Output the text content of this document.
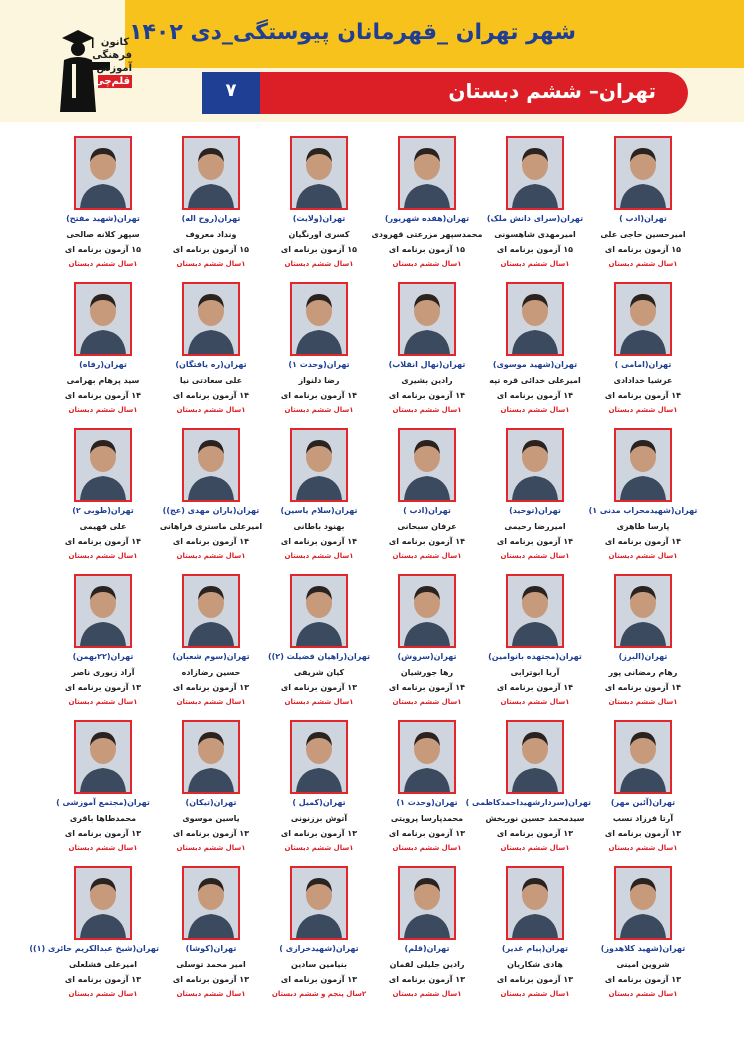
شهر تهران _قهرمانان پیوستگی_دی ۱۴۰۲
۷	تهران– ششم دبستان
کانون
فرهنگی
آموزش
قلم‌چی
تهران(ادب )
امیرحسین حاجی علی
۱۵ آزمون برنامه ای
۱سال ششم دبستان
تهران(سرای دانش ملک)
امیرمهدی شاهسونی
۱۵ آزمون برنامه ای
۱سال ششم دبستان
تهران(هفده شهریور)
محمدسپهر مزرعتی قهرودی
۱۵ آزمون برنامه ای
۱سال ششم دبستان
تهران(ولایت)
کسری اورنگیان
۱۵ آزمون برنامه ای
۱سال ششم دبستان
تهران(روح اله)
ونداد معروف
۱۵ آزمون برنامه ای
۱سال ششم دبستان
تهران(شهید مفتح)
سپهر کلانه صالحی
۱۵ آزمون برنامه ای
۱سال ششم دبستان
تهران(امامی )
عرشیا خدادادی
۱۴ آزمون برنامه ای
۱سال ششم دبستان
تهران(شهید موسوی)
امیرعلی خدائی قره تپه
۱۴ آزمون برنامه ای
۱سال ششم دبستان
تهران(نهال انقلاب)
رادین بشیری
۱۴ آزمون برنامه ای
۱سال ششم دبستان
تهران(وحدت ۱)
رضا دلنواز
۱۴ آزمون برنامه ای
۱سال ششم دبستان
تهران(ره یافتگان)
علی سعادتی نیا
۱۴ آزمون برنامه ای
۱سال ششم دبستان
تهران(رفاه)
سید پرهام بهرامی
۱۴ آزمون برنامه ای
۱سال ششم دبستان
تهران(شهیدمحراب مدنی ۱)
پارسا طاهری
۱۴ آزمون برنامه ای
۱سال ششم دبستان
تهران(توحید)
امیررضا رحیمی
۱۴ آزمون برنامه ای
۱سال ششم دبستان
تهران(ادب )
عرفان سبحانی
۱۴ آزمون برنامه ای
۱سال ششم دبستان
تهران(سلام یاسین)
بهنود باطانی
۱۴ آزمون برنامه ای
۱سال ششم دبستان
تهران(یاران مهدی (عج))
امیرعلی ماستری فراهانی
۱۴ آزمون برنامه ای
۱سال ششم دبستان
تهران(طوبی ۲)
علی فهیمی
۱۴ آزمون برنامه ای
۱سال ششم دبستان
تهران(البرز)
رهام رمضانی پور
۱۴ آزمون برنامه ای
۱سال ششم دبستان
تهران(مجتهده بانوامین)
آریا ابوترابی
۱۴ آزمون برنامه ای
۱سال ششم دبستان
تهران(سروش)
رها جورشیان
۱۴ آزمون برنامه ای
۱سال ششم دبستان
تهران(راهیان فضیلت (۲))
کیان شریفی
۱۳ آزمون برنامه ای
۱سال ششم دبستان
تهران(سوم شعبان)
حسین رضازاده
۱۳ آزمون برنامه ای
۱سال ششم دبستان
تهران(۲۲بهمن)
آراد زیوری ناصر
۱۳ آزمون برنامه ای
۱سال ششم دبستان
تهران(آئین مهر)
آرتا فرزاد نسب
۱۳ آزمون برنامه ای
۱سال ششم دبستان
تهران(سردارشهیداحمدکاظمی )
سیدمحمد حسین نوربخش
۱۳ آزمون برنامه ای
۱سال ششم دبستان
تهران(وحدت ۱)
محمدپارسا پرویتی
۱۳ آزمون برنامه ای
۱سال ششم دبستان
تهران(کمیل )
آتوش برزنونی
۱۳ آزمون برنامه ای
۱سال ششم دبستان
تهران(تیکان)
یاسین موسوی
۱۳ آزمون برنامه ای
۱سال ششم دبستان
تهران(مجتمع آموزشی )
محمدطاها باقری
۱۳ آزمون برنامه ای
۱سال ششم دبستان
تهران(شهید کلاهدوز)
شروین امینی
۱۳ آزمون برنامه ای
۱سال ششم دبستان
تهران(پیام غدیر)
هادی شکاریان
۱۳ آزمون برنامه ای
۱سال ششم دبستان
تهران(قلم)
رادین جلیلی لقمان
۱۳ آزمون برنامه ای
۱سال ششم دبستان
تهران(شهیدخرازی )
بنیامین سادین
۱۳ آزمون برنامه ای
۲سال پنجم و ششم دبستان
تهران(کوشا)
امیر محمد توسلی
۱۳ آزمون برنامه ای
۱سال ششم دبستان
تهران(شیخ عبدالکریم حائری (۱))
امیرعلی فشلعلی
۱۳ آزمون برنامه ای
۱سال ششم دبستان
